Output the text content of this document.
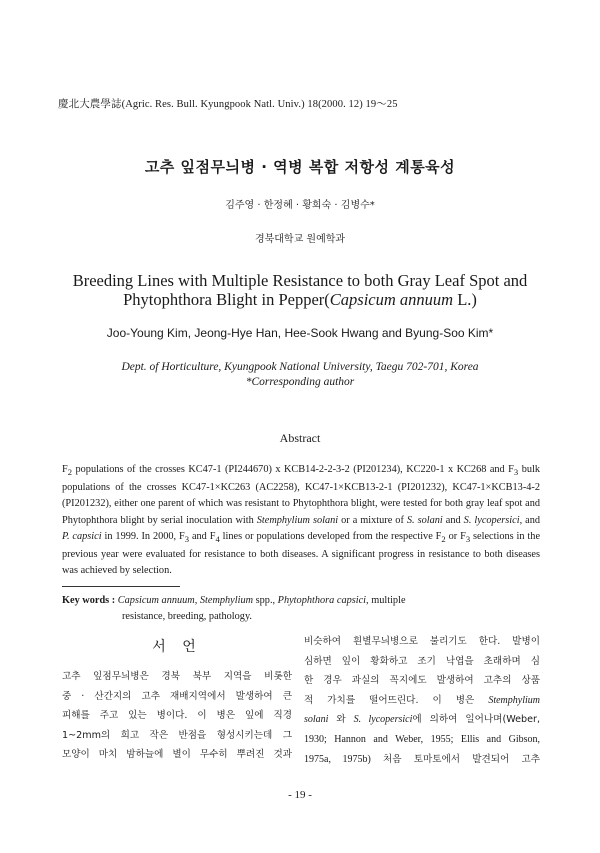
慶北大農學誌(Agric. Res. Bull. Kyungpook Natl. Univ.) 18(2000. 12) 19～25
고추 잎점무늬병 · 역병 복합 저항성 계통육성
김주영 · 한정혜 · 황희숙 · 김병수*
경북대학교 원예학과
Breeding Lines with Multiple Resistance to both Gray Leaf Spot and
Phytophthora Blight in Pepper(Capsicum annuum L.)
Joo-Young Kim, Jeong-Hye Han, Hee-Sook Hwang and Byung-Soo Kim*
Dept. of Horticulture, Kyungpook National University, Taegu 702-701, Korea
*Corresponding author
Abstract
$F_2$ populations of the crosses KC47-1 (PI244670) x KCB14-2-2-3-2 (PI201234), KC220-1 x KC268 and $F_3$ bulk populations of the crosses KC47-1×KC263 (AC2258), KC47-1×KCB13-2-1 (PI201232), KC47-1×KCB13-4-2 (PI201232), either one parent of which was resistant to Phytophthora blight, were tested for both gray leaf spot and Phytophthora blight by serial inoculation with Stemphylium solani or a mixture of S. solani and S. lycopersici, and P. capsici in 1999. In 2000, $F_3$ and $F_4$ lines or populations developed from the respective $F_2$ or $F_3$ selections in the previous year were evaluated for resistance to both diseases. A significant progress in resistance to both diseases was achieved by selection.
Key words : Capsicum annuum, Stemphylium spp., Phytophthora capsici, multiple
resistance, breeding, pathology.
서 언
고추 잎점무늬병은 경북 북부 지역을 비롯한
중 · 산간지의 고추 재배지역에서 발생하여 큰
피해를 주고 있는 병이다. 이 병은 잎에 직경
1~2mm의 희고 작은 반점을 형성시키는데 그
모양이 마치 밤하늘에 별이 무수히 뿌려진 것과
비슷하여 흰별무늬병으로 불리기도 한다. 발병이
심하면 잎이 황화하고 조기 낙엽을 초래하며 심
한 경우 과실의 꼭지에도 발생하여 고추의 상품
적 가치를 떨어뜨린다. 이 병은 Stemphylium
solani 와 S. lycopersici에 의하여 일어나며(Weber,
1930; Hannon and Weber, 1955; Ellis and Gibson,
1975a, 1975b) 처음 토마토에서 발견되어 고추
- 19 -
